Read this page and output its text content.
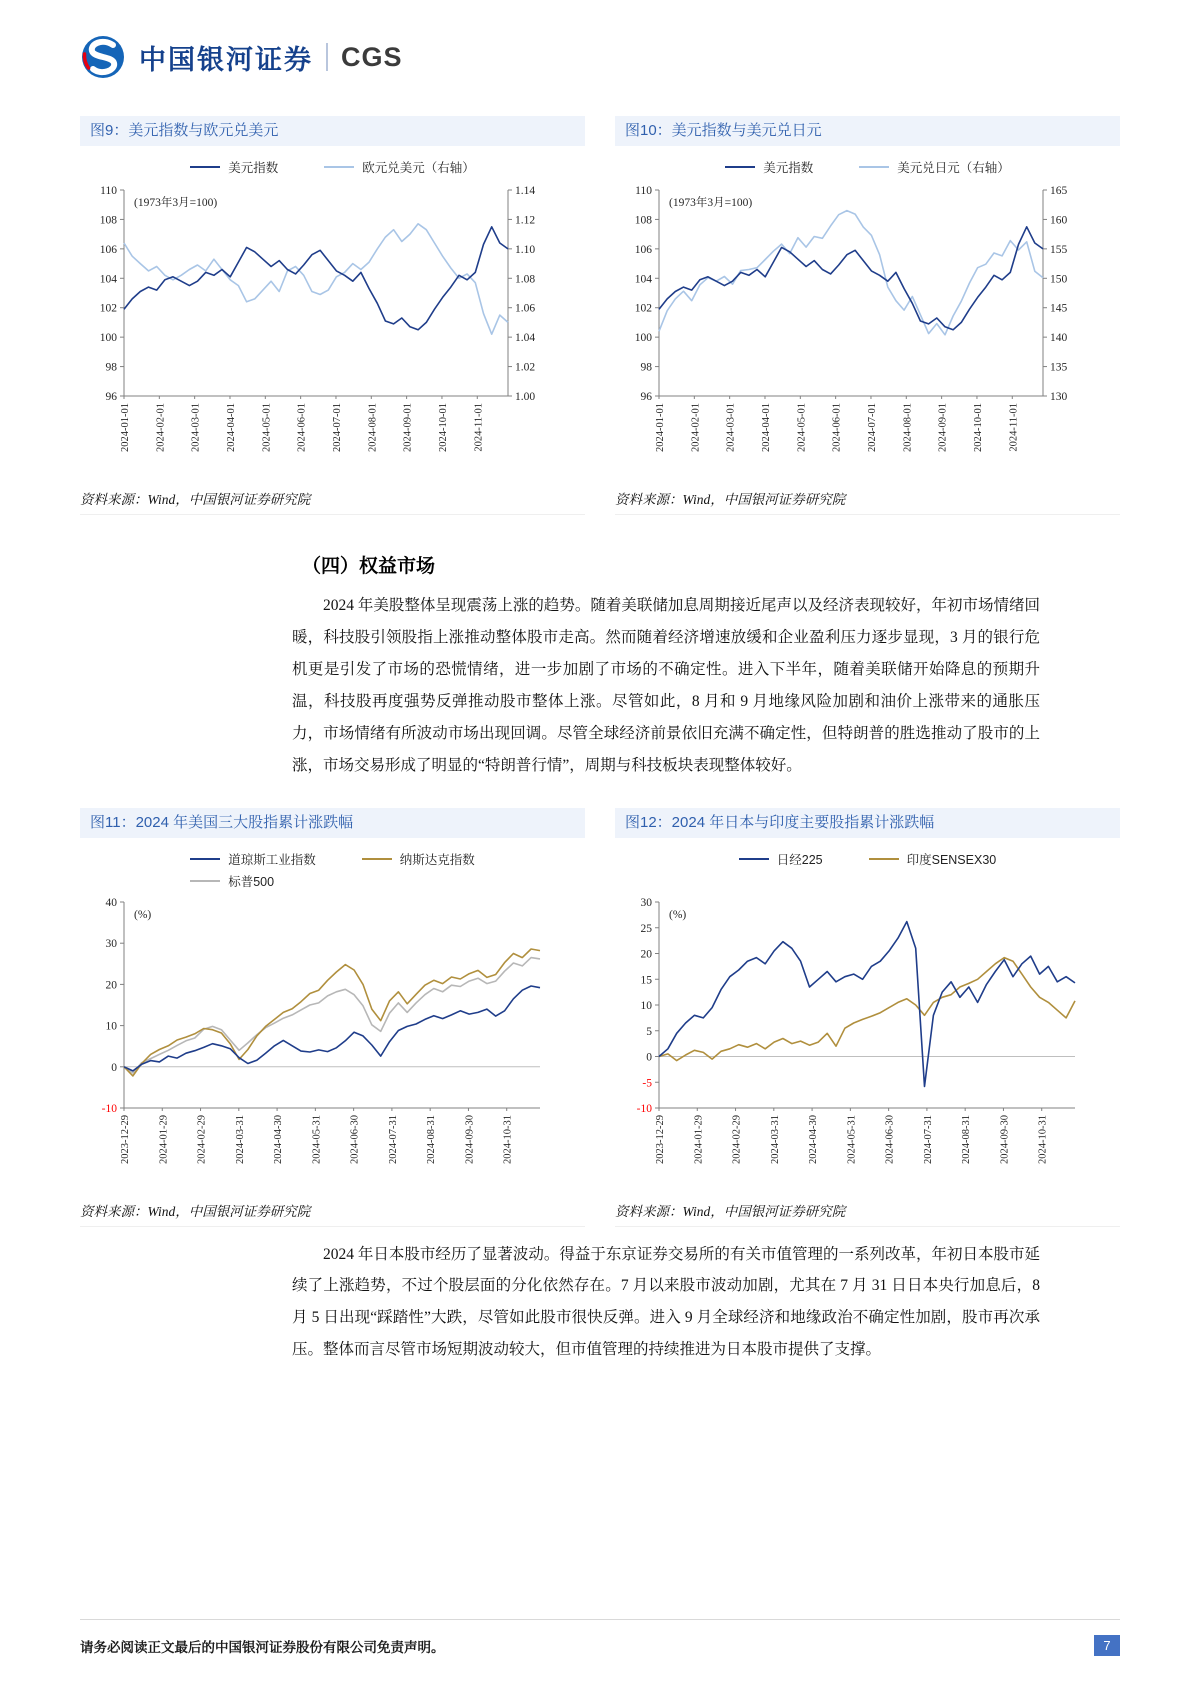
中国银河证券 CGS
图9：美元指数与欧元兑美元
美元指数	欧元兑美元（右轴）
96
98
100
102
104
106
108
110
1.00
1.02
1.04
1.06
1.08
1.10
1.12
1.14
2024-01-01 2024-02-01 2024-03-01 2024-04-01 2024-05-01 2024-06-01 2024-07-01 2024-08-01 2024-09-01 2024-10-01 2024-11-01
(1973年3月=100)
资料来源：Wind，中国银河证券研究院
图10：美元指数与美元兑日元
美元指数	美元兑日元（右轴）
96
98
100
102
104
106
108
110
130
135
140
145
150
155
160
165
2024-01-01 2024-02-01 2024-03-01 2024-04-01 2024-05-01 2024-06-01 2024-07-01 2024-08-01 2024-09-01 2024-10-01 2024-11-01
(1973年3月=100)
资料来源：Wind，中国银河证券研究院
（四）权益市场

2024 年美股整体呈现震荡上涨的趋势。随着美联储加息周期接近尾声以及经济表现较好，年初市场情绪回暖，科技股引领股指上涨推动整体股市走高。然而随着经济增速放缓和企业盈利压力逐步显现，3 月的银行危机更是引发了市场的恐慌情绪，进一步加剧了市场的不确定性。进入下半年，随着美联储开始降息的预期升温，科技股再度强势反弹推动股市整体上涨。尽管如此，8 月和 9 月地缘风险加剧和油价上涨带来的通胀压力，市场情绪有所波动市场出现回调。尽管全球经济前景依旧充满不确定性，但特朗普的胜选推动了股市的上涨，市场交易形成了明显的“特朗普行情”，周期与科技板块表现整体较好。

图11：2024 年美国三大股指累计涨跌幅
道琼斯工业指数	纳斯达克指数
标普500
-10
0
10
20
30
40
2023-12-29	2024-01-29	2024-02-29	2024-03-31	2024-04-30	2024-05-31	2024-06-30	2024-07-31	2024-08-31	2024-09-30	2024-10-31
(%)
资料来源：Wind，中国银河证券研究院
图12：2024 年日本与印度主要股指累计涨跌幅
日经225	印度SENSEX30
-10
-5
0
5
10
15
20
25
30
2023-12-29	2024-01-29	2024-02-29	2024-03-31	2024-04-30	2024-05-31	2024-06-30	2024-07-31	2024-08-31	2024-09-30	2024-10-31
(%)
资料来源：Wind，中国银河证券研究院

2024 年日本股市经历了显著波动。得益于东京证券交易所的有关市值管理的一系列改革，年初日本股市延续了上涨趋势，不过个股层面的分化依然存在。7 月以来股市波动加剧，尤其在 7 月 31 日日本央行加息后，8 月 5 日出现“踩踏性”大跌，尽管如此股市很快反弹。进入 9 月全球经济和地缘政治不确定性加剧，股市再次承压。整体而言尽管市场短期波动较大，但市值管理的持续推进为日本股市提供了支撑。

请务必阅读正文最后的中国银河证券股份有限公司免责声明。	7
